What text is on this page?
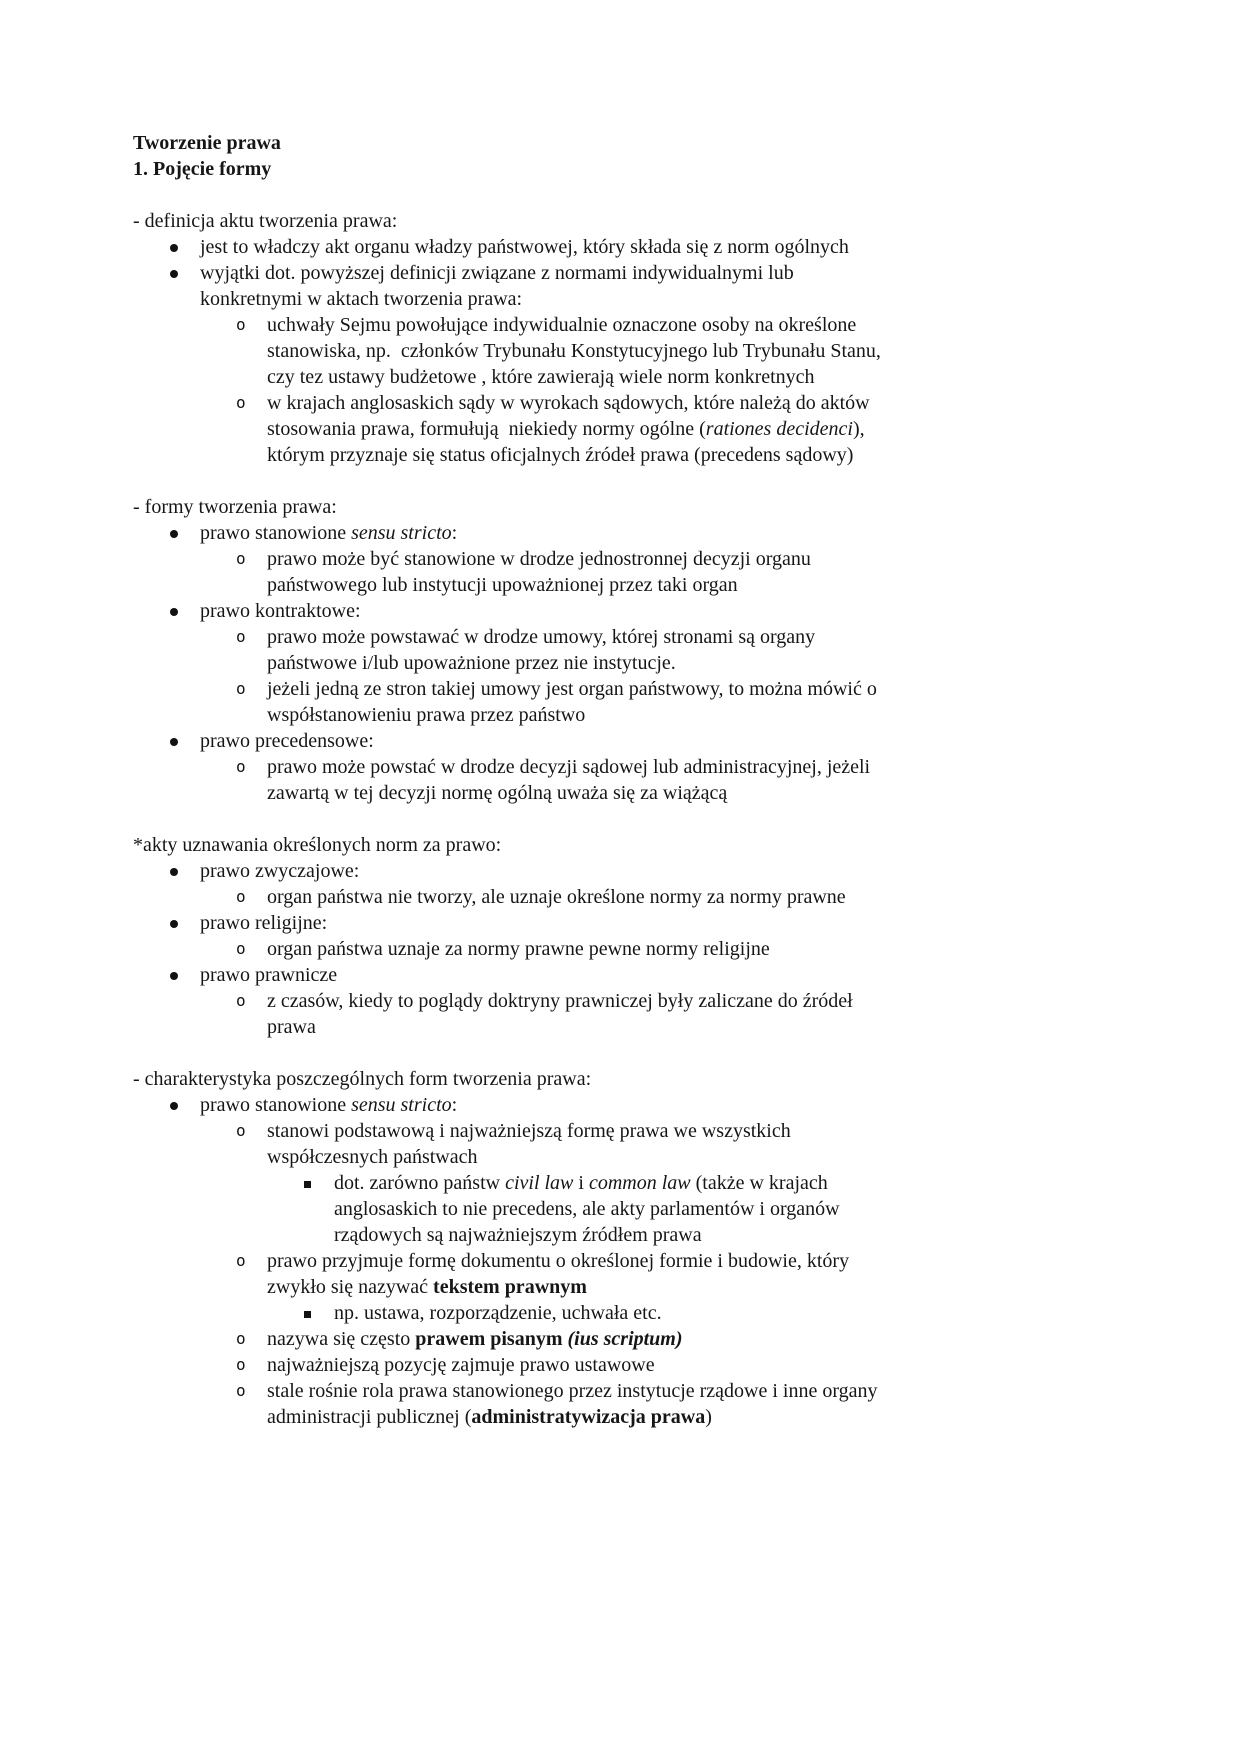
Tworzenie prawa
1. Pojęcie formy
- definicja aktu tworzenia prawa:
jest to władczy akt organu władzy państwowej, który składa się z norm ogólnych
wyjątki dot. powyższej definicji związane z normami indywidualnymi lub
konkretnymi w aktach tworzenia prawa:
o uchwały Sejmu powołujące indywidualnie oznaczone osoby na określone
stanowiska, np.  członków Trybunału Konstytucyjnego lub Trybunału Stanu,
czy tez ustawy budżetowe , które zawierają wiele norm konkretnych
o w krajach anglosaskich sądy w wyrokach sądowych, które należą do aktów
stosowania prawa, formułują  niekiedy normy ogólne (rationes decidenci),
którym przyznaje się status oficjalnych źródeł prawa (precedens sądowy)
- formy tworzenia prawa:
prawo stanowione sensu stricto:
o prawo może być stanowione w drodze jednostronnej decyzji organu
państwowego lub instytucji upoważnionej przez taki organ
prawo kontraktowe:
o prawo może powstawać w drodze umowy, której stronami są organy
państwowe i/lub upoważnione przez nie instytucje.
o jeżeli jedną ze stron takiej umowy jest organ państwowy, to można mówić o
współstanowieniu prawa przez państwo
prawo precedensowe:
o prawo może powstać w drodze decyzji sądowej lub administracyjnej, jeżeli
zawartą w tej decyzji normę ogólną uważa się za wiążącą
*akty uznawania określonych norm za prawo:
prawo zwyczajowe:
o organ państwa nie tworzy, ale uznaje określone normy za normy prawne
prawo religijne:
o organ państwa uznaje za normy prawne pewne normy religijne
prawo prawnicze
o z czasów, kiedy to poglądy doktryny prawniczej były zaliczane do źródeł
prawa
- charakterystyka poszczególnych form tworzenia prawa:
prawo stanowione sensu stricto:
o stanowi podstawową i najważniejszą formę prawa we wszystkich
współczesnych państwach
dot. zarówno państw civil law i common law (także w krajach
anglosaskich to nie precedens, ale akty parlamentów i organów
rządowych są najważniejszym źródłem prawa
o prawo przyjmuje formę dokumentu o określonej formie i budowie, który
zwykło się nazywać tekstem prawnym
np. ustawa, rozporządzenie, uchwała etc.
o nazywa się często prawem pisanym (ius scriptum)
o najważniejszą pozycję zajmuje prawo ustawowe
o stale rośnie rola prawa stanowionego przez instytucje rządowe i inne organy
administracji publicznej (administratywizacja prawa)
